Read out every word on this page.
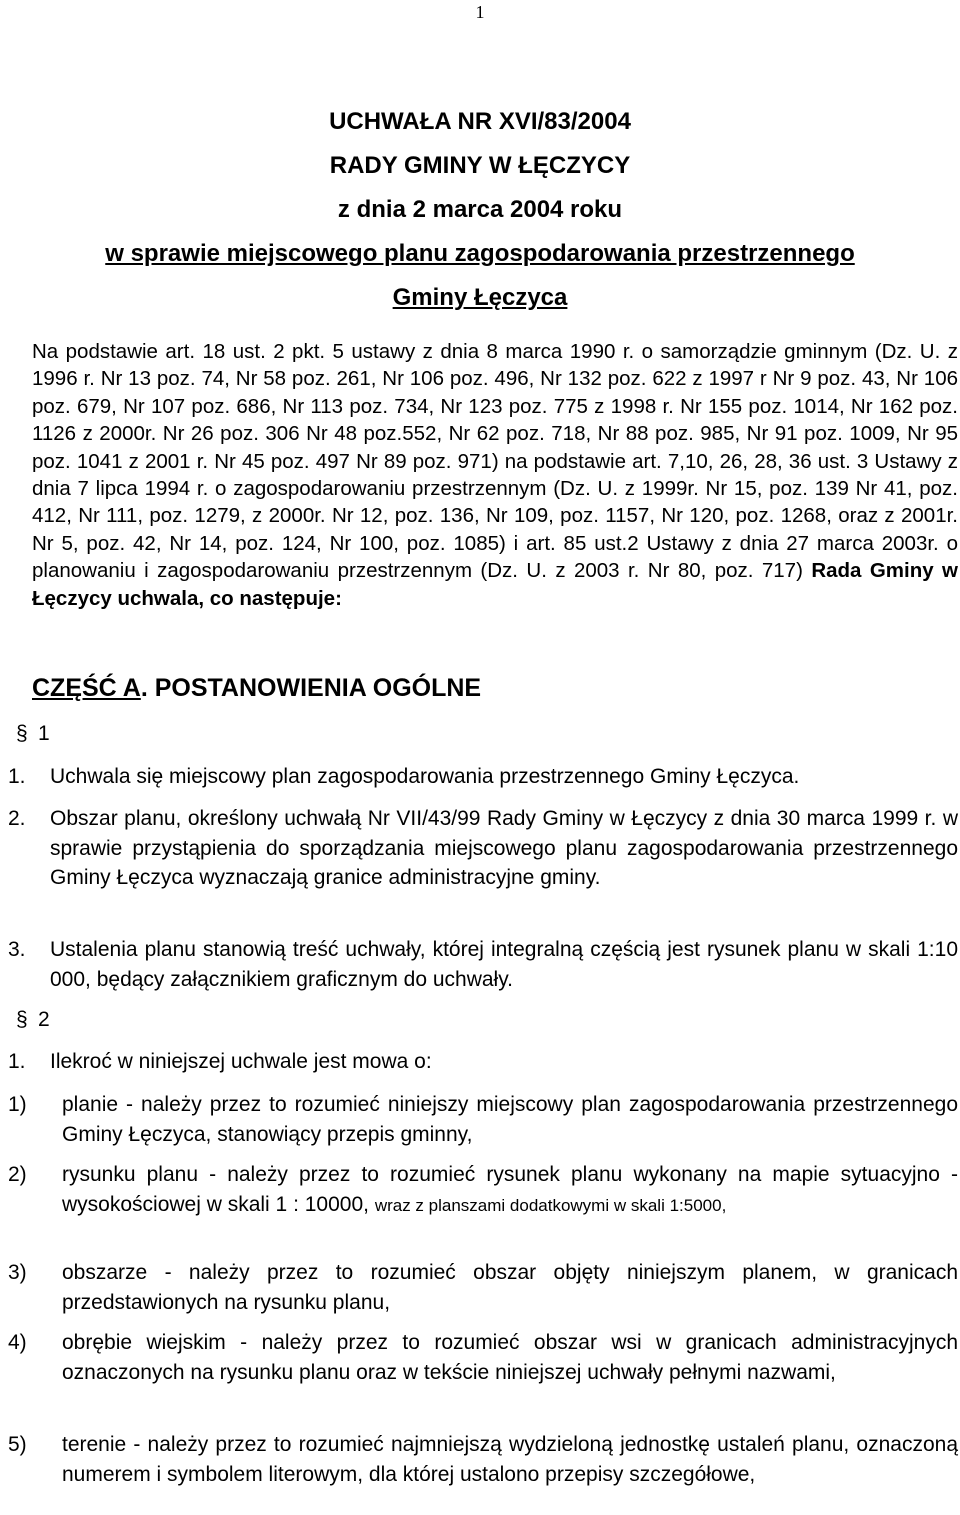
1
UCHWAŁA NR XVI/83/2004
RADY GMINY W ŁĘCZYCY
z dnia 2 marca 2004 roku
w sprawie miejscowego planu zagospodarowania przestrzennego
Gminy Łęczyca
Na podstawie art. 18 ust. 2 pkt. 5 ustawy z dnia 8 marca 1990 r. o samorządzie gminnym (Dz. U. z 1996 r. Nr 13 poz. 74, Nr 58 poz. 261, Nr 106 poz. 496, Nr 132 poz. 622 z 1997 r Nr 9 poz. 43, Nr 106 poz. 679, Nr 107 poz. 686, Nr 113 poz. 734, Nr 123 poz. 775 z 1998 r. Nr 155 poz. 1014, Nr 162 poz. 1126 z 2000r. Nr 26 poz. 306 Nr 48 poz.552, Nr 62 poz. 718, Nr 88 poz. 985, Nr 91 poz. 1009, Nr 95 poz. 1041 z 2001 r. Nr 45 poz. 497 Nr 89 poz. 971) na podstawie art. 7,10, 26, 28, 36 ust. 3 Ustawy z dnia 7 lipca 1994 r. o zagospodarowaniu przestrzennym (Dz. U. z 1999r. Nr 15, poz. 139 Nr 41, poz. 412, Nr 111, poz. 1279, z 2000r. Nr 12, poz. 136, Nr 109, poz. 1157, Nr 120, poz. 1268, oraz z 2001r. Nr 5, poz. 42, Nr 14, poz. 124, Nr 100, poz. 1085) i art. 85 ust.2 Ustawy z dnia 27 marca 2003r. o planowaniu i zagospodarowaniu przestrzennym (Dz. U. z 2003 r. Nr 80, poz. 717) Rada Gminy w Łęczycy uchwala, co następuje:
CZĘŚĆ A. POSTANOWIENIA OGÓLNE
§ 1
1. Uchwala się miejscowy plan zagospodarowania przestrzennego Gminy Łęczyca.
2. Obszar planu, określony uchwałą Nr VII/43/99 Rady Gminy w Łęczycy z dnia 30 marca 1999 r. w sprawie przystąpienia do sporządzania miejscowego planu zagospodarowania przestrzennego Gminy Łęczyca wyznaczają granice administracyjne gminy.
3. Ustalenia planu stanowią treść uchwały, której integralną częścią jest rysunek planu w skali 1:10 000, będący załącznikiem graficznym do uchwały.
§ 2
1. Ilekroć w niniejszej uchwale jest mowa o:
1) planie - należy przez to rozumieć niniejszy miejscowy plan zagospodarowania przestrzennego Gminy Łęczyca, stanowiący przepis gminny,
2) rysunku planu - należy przez to rozumieć rysunek planu wykonany na mapie sytuacyjno - wysokościowej w skali 1 : 10000, wraz z planszami dodatkowymi w skali 1:5000,
3) obszarze - należy przez to rozumieć obszar objęty niniejszym planem, w granicach przedstawionych na rysunku planu,
4) obrębie wiejskim - należy przez to rozumieć obszar wsi w granicach administracyjnych oznaczonych na rysunku planu oraz w tekście niniejszej uchwały pełnymi nazwami,
5) terenie - należy przez to rozumieć najmniejszą wydzieloną jednostkę ustaleń planu, oznaczoną numerem i symbolem literowym, dla której ustalono przepisy szczegółowe,
